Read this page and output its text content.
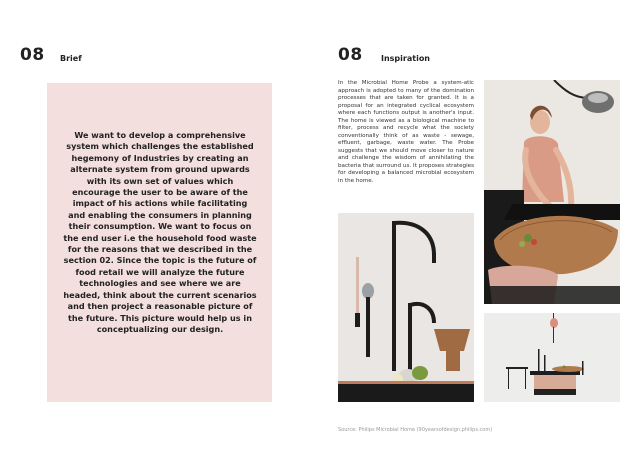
08 Brief
We want to develop a comprehensive system which challenges the established hegemony of Industries by creating an alternate system from ground upwards with its own set of values which encourage the user to be aware of the impact of his actions while facilitating and enabling the consumers in planning their consumption. We want to focus on the end user i.e the household food waste for the reasons that we described in the section 02. Since the topic is the future of food retail we will analyze the future technologies and see where we are headed, think about the current scenarios and then project a reasonable picture of the future. This picture would help us in conceptualizing our design.
08 Inspiration
In the Microbial Home Probe a system-atic approach is adopted to many of the domination processes that are taken for granted. It is a proposal for an integrated cyclical ecosystem where each functions output is another's input. The home is viewed as a biological machine to filter, process and recycle what the society conventionally think of as waste - sewage, effluent, garbage, waste water. The Probe suggests that we should move closer to nature and challenge the wisdom of annihilating the bacteria that surround us. It proposes strategies for developing a balanced microbial ecosystem in the home.
Source: Philips Microbial Home (90yearsofdesign.philips.com)
